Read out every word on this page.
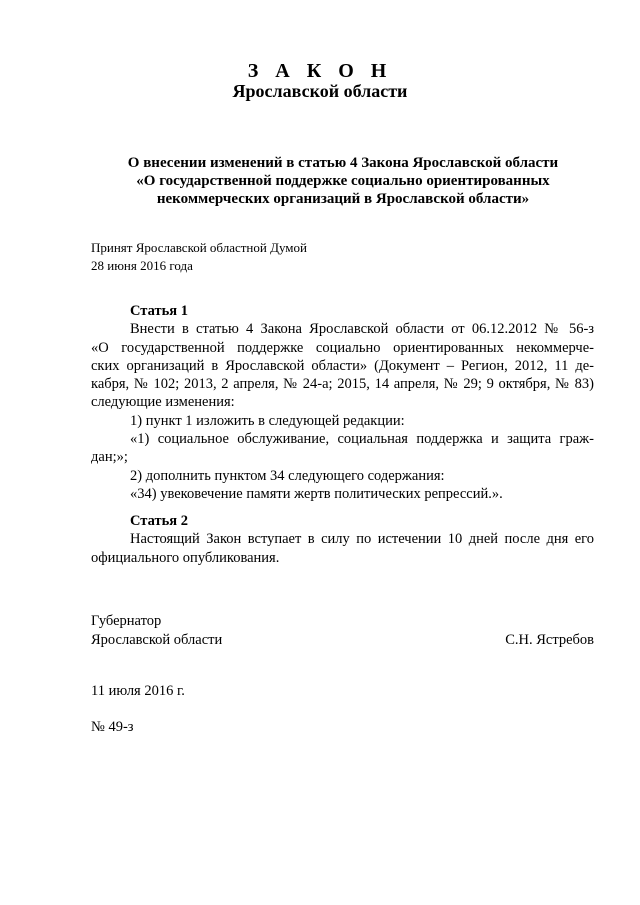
З А К О Н
Ярославской области
О внесении изменений в статью 4 Закона Ярославской области
«О государственной поддержке социально ориентированных
некоммерческих организаций в Ярославской области»
Принят Ярославской областной Думой
28 июня 2016 года
Статья 1
Внести в статью 4 Закона Ярославской области от 06.12.2012 № 56-з
«О государственной поддержке социально ориентированных некоммерче-
ских организаций в Ярославской области» (Документ – Регион, 2012, 11 де-
кабря, № 102; 2013, 2 апреля, № 24-а; 2015, 14 апреля, № 29; 9 октября, № 83)
следующие изменения:
1) пункт 1 изложить в следующей редакции:
«1) социальное обслуживание, социальная поддержка и защита граж-
дан;»;
2) дополнить пунктом 34 следующего содержания:
«34) увековечение памяти жертв политических репрессий.».
Статья 2
Настоящий Закон вступает в силу по истечении 10 дней после дня его
официального опубликования.
Губернатор
Ярославской области	С.Н. Ястребов
11 июля 2016 г.
№ 49-з
